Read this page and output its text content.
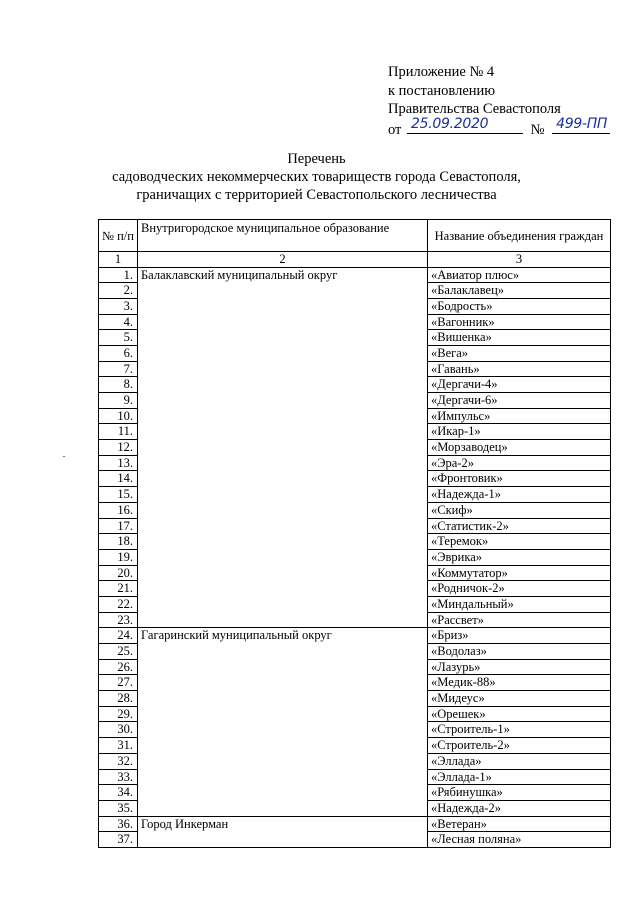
Приложение № 4
к постановлению
Правительства Севастополя
от 25.09.2020	№ 499-ПП
Перечень
садоводческих некоммерческих товариществ города Севастополя,
граничащих с территорией Севастопольского лесничества
№ п/п	Внутригородское муниципальное образование	Название объединения граждан
1	2	3
1.	Балаклавский муниципальный округ	«Авиатор плюс»
2.		«Балаклавец»
3.		«Бодрость»
4.		«Вагонник»
5.		«Вишенка»
6.		«Вега»
7.		«Гавань»
8.		«Дергачи-4»
9.		«Дергачи-6»
10.		«Импульс»
11.		«Икар-1»
12.		«Морзаводец»
13.		«Эра-2»
14.		«Фронтовик»
15.		«Надежда-1»
16.		«Скиф»
17.		«Статистик-2»
18.		«Теремок»
19.		«Эврика»
20.		«Коммутатор»
21.		«Родничок-2»
22.		«Миндальный»
23.		«Рассвет»
24.	Гагаринский муниципальный округ	«Бриз»
25.		«Водолаз»
26.		«Лазурь»
27.		«Медик-88»
28.		«Мидеус»
29.		«Орешек»
30.		«Строитель-1»
31.		«Строитель-2»
32.		«Эллада»
33.		«Эллада-1»
34.		«Рябинушка»
35.		«Надежда-2»
36.	Город Инкерман	«Ветеран»
37.		«Лесная поляна»
